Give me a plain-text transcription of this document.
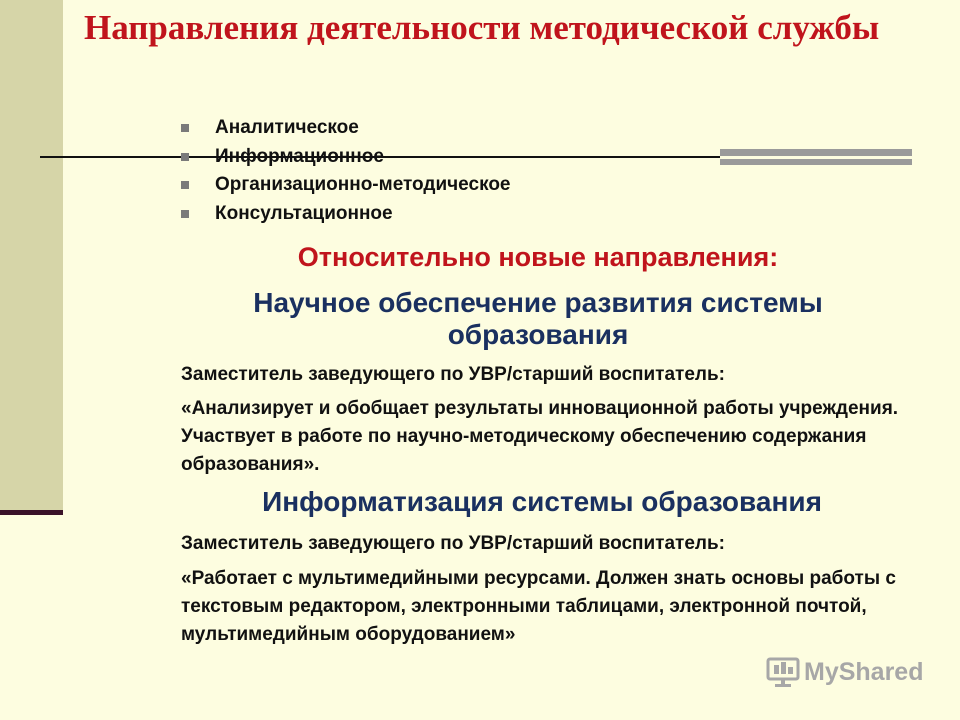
Направления деятельности методической службы
Аналитическое
Информационное
Организационно-методическое
Консультационное

Относительно новые направления:

Научное обеспечение развития системы образования

Заместитель заведующего по УВР/старший воспитатель:

«Анализирует и обобщает результаты инновационной работы учреждения. Участвует в работе по научно-методическому обеспечению содержания образования».

Информатизация системы образования

Заместитель заведующего по УВР/старший воспитатель:

«Работает с мультимедийными ресурсами. Должен знать основы работы с текстовым редактором, электронными таблицами, электронной почтой, мультимедийным оборудованием»

MyShared
